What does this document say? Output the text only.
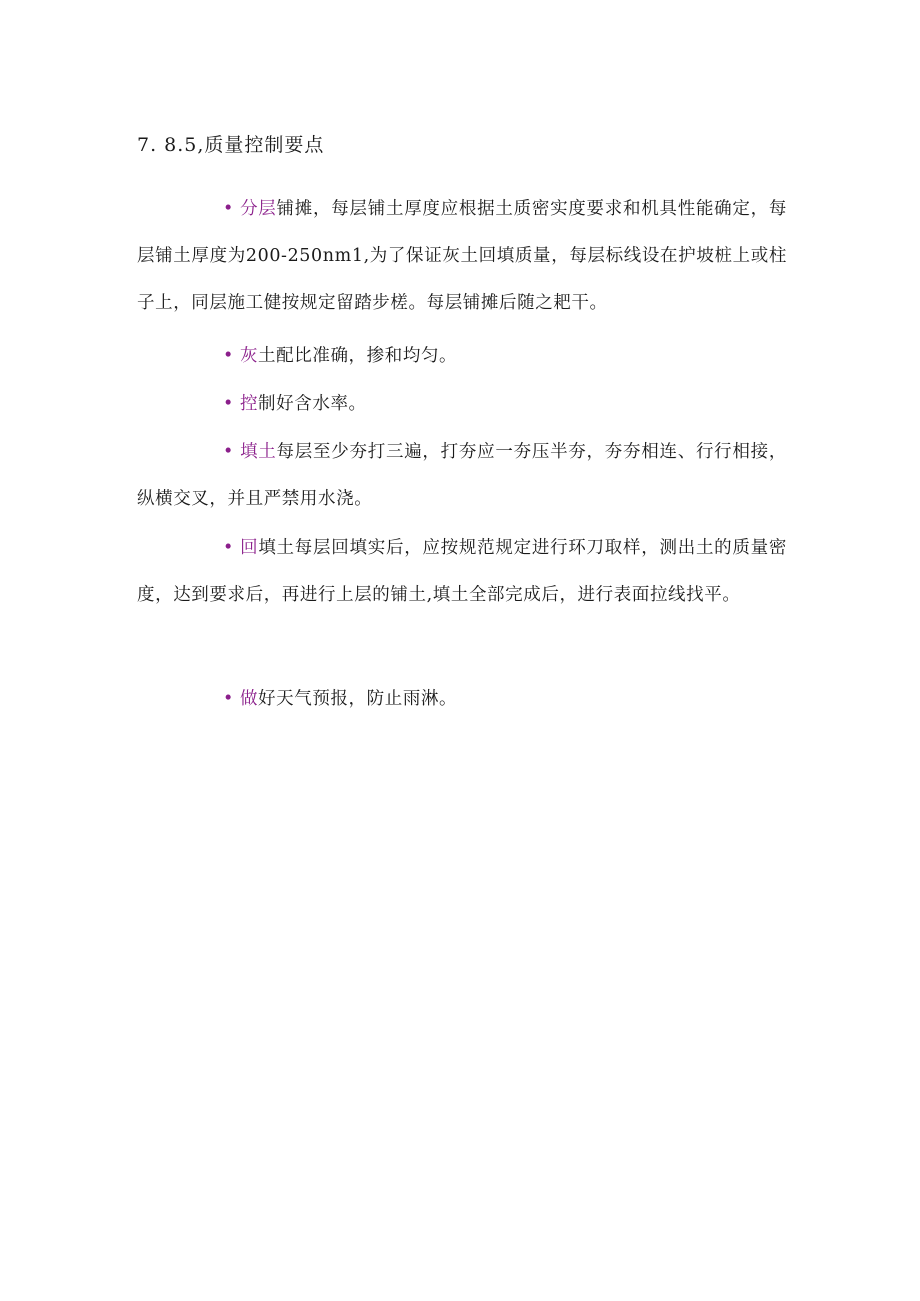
7. 8.5,质量控制要点

• 分层铺摊，每层铺土厚度应根据土质密实度要求和机具性能确定，每层铺土厚度为200-250nm1,为了保证灰土回填质量，每层标线设在护坡桩上或柱子上，同层施工健按规定留踏步槎。每层铺摊后随之耙干。

• 灰土配比准确，掺和均匀。

• 控制好含水率。

• 填土每层至少夯打三遍，打夯应一夯压半夯，夯夯相连、行行相接，纵横交叉，并且严禁用水浇。

• 回填土每层回填实后，应按规范规定进行环刀取样，测出土的质量密度，达到要求后，再进行上层的铺土,填土全部完成后，进行表面拉线找平。

• 做好天气预报，防止雨淋。
